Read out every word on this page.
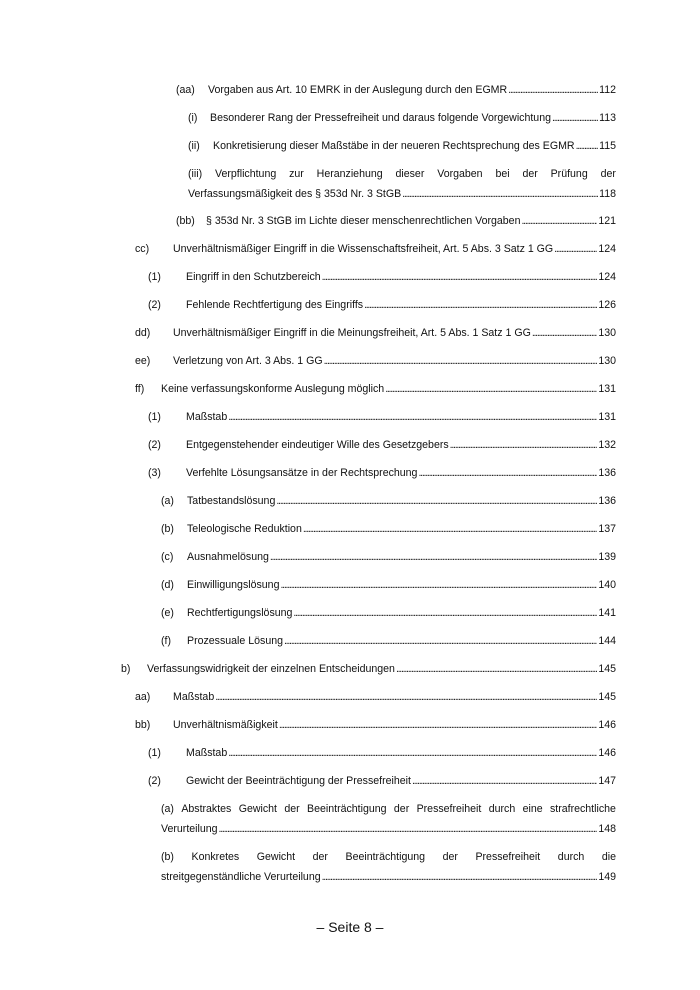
(aa)	Vorgaben aus Art. 10 EMRK in der Auslegung durch den EGMR . . .	112
(i)	Besonderer Rang der Pressefreiheit und daraus folgende Vorgewichtung . . .	113
(ii)	Konkretisierung dieser Maßstäbe in der neueren Rechtsprechung des EGMR . . . 115
(iii) Verpflichtung zur Heranziehung dieser Vorgaben bei der Prüfung der
Verfassungsmäßigkeit des § 353d Nr. 3 StGB . . .	118
(bb)	§ 353d Nr. 3 StGB im Lichte dieser menschenrechtlichen Vorgaben . . .	121
cc)	Unverhältnismäßiger Eingriff in die Wissenschaftsfreiheit, Art. 5 Abs. 3 Satz 1 GG . . .	124
(1)	Eingriff in den Schutzbereich . . .	124
(2)	Fehlende Rechtfertigung des Eingriffs . . .	126
dd)	Unverhältnismäßiger Eingriff in die Meinungsfreiheit, Art. 5 Abs. 1 Satz 1 GG . . .	130
ee)	Verletzung von Art. 3 Abs. 1 GG . . .	130
ff)	Keine verfassungskonforme Auslegung möglich . . .	131
(1)	Maßstab . . .	131
(2)	Entgegenstehender eindeutiger Wille des Gesetzgebers . . .	132
(3)	Verfehlte Lösungsansätze in der Rechtsprechung . . .	136
(a)	Tatbestandslösung . . .	136
(b)	Teleologische Reduktion . . .	137
(c)	Ausnahmelösung . . .	139
(d)	Einwilligungslösung . . .	140
(e)	Rechtfertigungslösung . . .	141
(f)	Prozessuale Lösung . . .	144
b)	Verfassungswidrigkeit der einzelnen Entscheidungen . . .	145
aa)	Maßstab . . .	145
bb)	Unverhältnismäßigkeit . . .	146
(1)	Maßstab . . .	146
(2)	Gewicht der Beeinträchtigung der Pressefreiheit . . .	147
(a) Abstraktes Gewicht der Beeinträchtigung der Pressefreiheit durch eine strafrechtliche
Verurteilung . . .	148
(b) Konkretes Gewicht der Beeinträchtigung der Pressefreiheit durch die
streitgegenständliche Verurteilung . . .	149
– Seite 8 –
